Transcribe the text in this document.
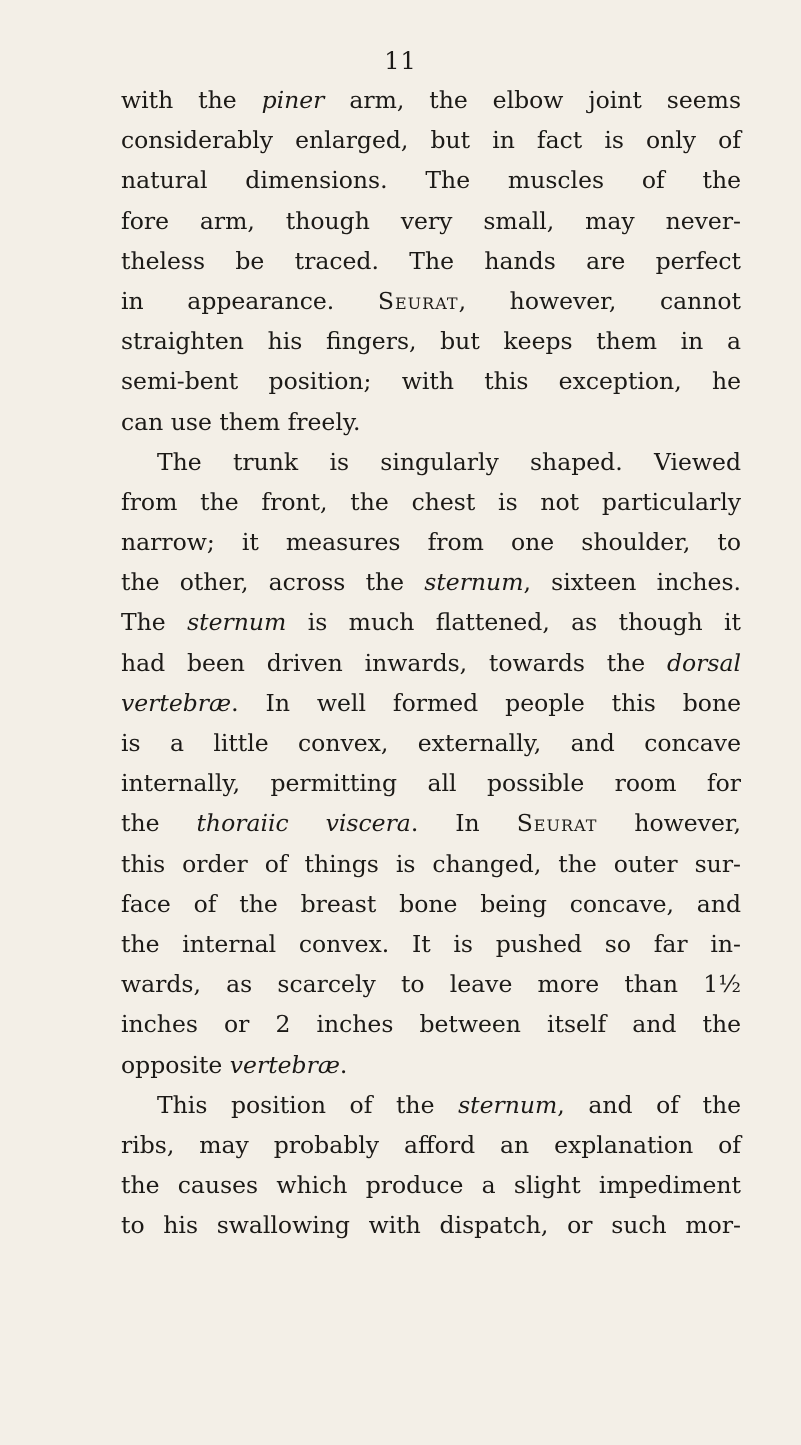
11
with the piner arm, the elbow joint seems
considerably enlarged, but in fact is only of
natural dimensions. The muscles of the
fore arm, though very small, may never-
theless be traced. The hands are perfect
in appearance. Seurat, however, cannot
straighten his fingers, but keeps them in a
semi-bent position; with this exception, he
can use them freely.
The trunk is singularly shaped. Viewed
from the front, the chest is not particularly
narrow; it measures from one shoulder, to
the other, across the sternum, sixteen inches.
The sternum is much flattened, as though it
had been driven inwards, towards the dorsal
vertebræ. In well formed people this bone
is a little convex, externally, and concave
internally, permitting all possible room for
the thoraiic viscera. In Seurat however,
this order of things is changed, the outer sur-
face of the breast bone being concave, and
the internal convex. It is pushed so far in-
wards, as scarcely to leave more than 1½
inches or 2 inches between itself and the
opposite vertebræ.
This position of the sternum, and of the
ribs, may probably afford an explanation of
the causes which produce a slight impediment
to his swallowing with dispatch, or such mor-
